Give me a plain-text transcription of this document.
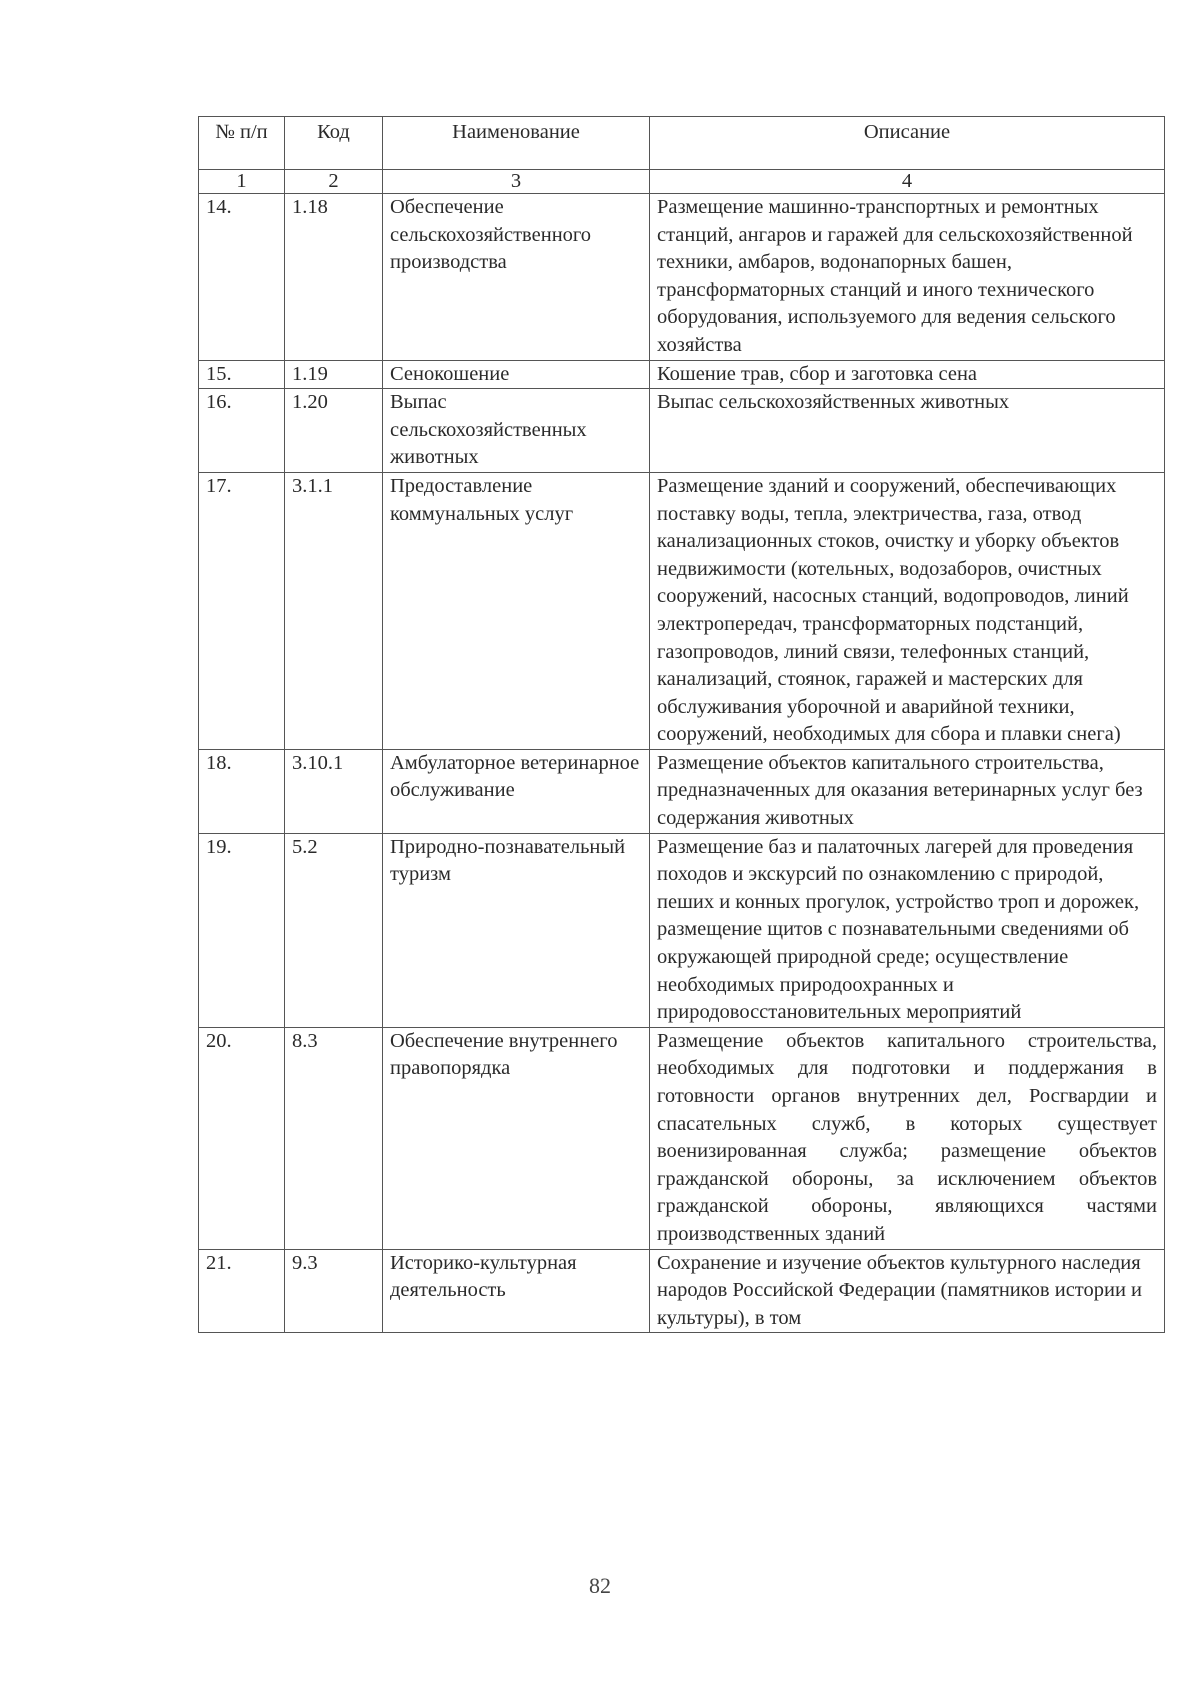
№ п/п	Код	Наименование	Описание
1	2	3	4
14.	1.18	Обеспечение сельскохозяйственного производства	Размещение машинно-транспортных и ремонтных станций, ангаров и гаражей для сельскохозяйственной техники, амбаров, водонапорных башен, трансформаторных станций и иного технического оборудования, используемого для ведения сельского хозяйства
15.	1.19	Сенокошение	Кошение трав, сбор и заготовка сена
16.	1.20	Выпас сельскохозяйственных животных	Выпас сельскохозяйственных животных
17.	3.1.1	Предоставление коммунальных услуг	Размещение зданий и сооружений, обеспечивающих поставку воды, тепла, электричества, газа, отвод канализационных стоков, очистку и уборку объектов недвижимости (котельных, водозаборов, очистных сооружений, насосных станций, водопроводов, линий электропередач, трансформаторных подстанций, газопроводов, линий связи, телефонных станций, канализаций, стоянок, гаражей и мастерских для обслуживания уборочной и аварийной техники, сооружений, необходимых для сбора и плавки снега)
18.	3.10.1	Амбулаторное ветеринарное обслуживание	Размещение объектов капитального строительства, предназначенных для оказания ветеринарных услуг без содержания животных
19.	5.2	Природно-познавательный туризм	Размещение баз и палаточных лагерей для проведения походов и экскурсий по ознакомлению с природой, пеших и конных прогулок, устройство троп и дорожек, размещение щитов с познавательными сведениями об окружающей природной среде; осуществление необходимых природоохранных и природовосстановительных мероприятий
20.	8.3	Обеспечение внутреннего правопорядка	Размещение объектов капитального строительства, необходимых для подготовки и поддержания в готовности органов внутренних дел, Росгвардии и спасательных служб, в которых существует военизированная служба; размещение объектов гражданской обороны, за исключением объектов гражданской обороны, являющихся частями производственных зданий
21.	9.3	Историко-культурная деятельность	Сохранение и изучение объектов культурного наследия народов Российской Федерации (памятников истории и культуры), в том
82
